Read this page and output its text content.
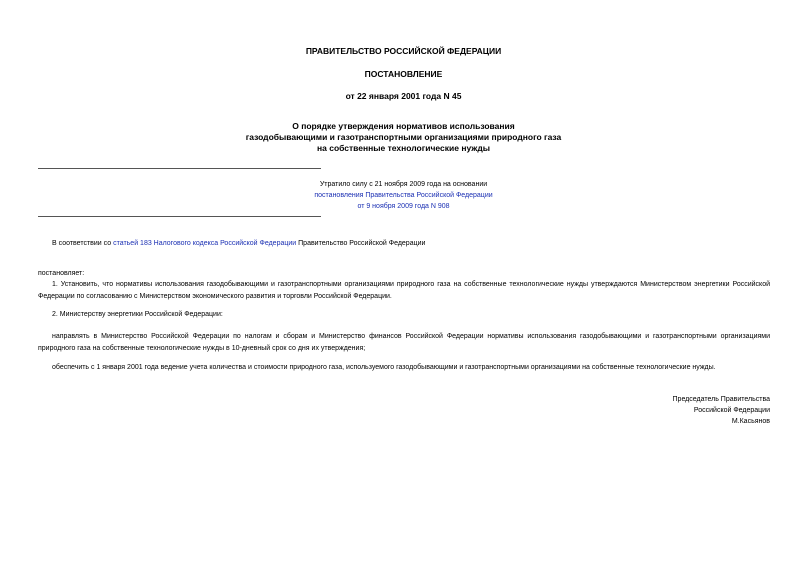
ПРАВИТЕЛЬСТВО РОССИЙСКОЙ ФЕДЕРАЦИИ
ПОСТАНОВЛЕНИЕ
от 22 января 2001 года N 45
О порядке утверждения нормативов использования
газодобывающими и газотранспортными организациями природного газа
на собственные технологические нужды
Утратило силу с 21 ноября 2009 года на основании
постановления Правительства Российской Федерации
от 9 ноября 2009 года N 908
В соответствии со статьей 183 Налогового кодекса Российской Федерации Правительство Российской Федерации
постановляет:
1. Установить, что нормативы использования газодобывающими и газотранспортными организациями природного газа на собственные технологические нужды утверждаются Министерством энергетики Российской Федерации по согласованию с Министерством экономического развития и торговли Российской Федерации.
2. Министерству энергетики Российской Федерации:
направлять в Министерство Российской Федерации по налогам и сборам и Министерство финансов Российской Федерации нормативы использования газодобывающими и газотранспортными организациями природного газа на собственные технологические нужды в 10-дневный срок со дня их утверждения;
обеспечить с 1 января 2001 года ведение учета количества и стоимости природного газа, используемого газодобывающими и газотранспортными организациями на собственные технологические нужды.
Председатель Правительства
Российской Федерации
М.Касьянов
